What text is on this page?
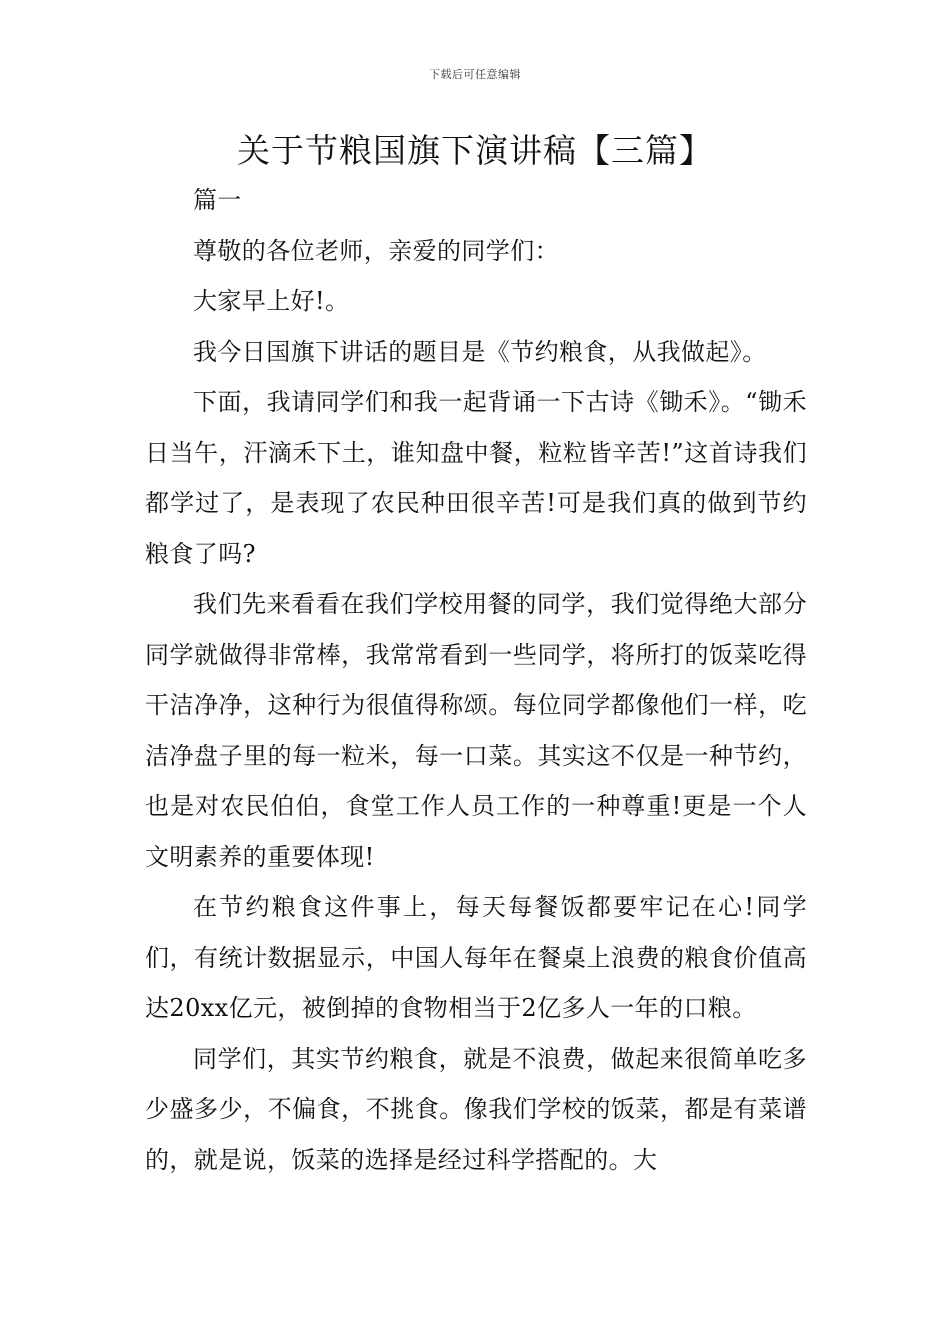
下载后可任意编辑
关于节粮国旗下演讲稿【三篇】

篇一

尊敬的各位老师，亲爱的同学们：

大家早上好!。

我今日国旗下讲话的题目是《节约粮食，从我做起》。

下面，我请同学们和我一起背诵一下古诗《锄禾》。“锄禾日当午，汗滴禾下土，谁知盘中餐，粒粒皆辛苦!”这首诗我们都学过了，是表现了农民种田很辛苦!可是我们真的做到节约粮食了吗?

我们先来看看在我们学校用餐的同学，我们觉得绝大部分同学就做得非常棒，我常常看到一些同学，将所打的饭菜吃得干洁净净，这种行为很值得称颂。每位同学都像他们一样，吃洁净盘子里的每一粒米，每一口菜。其实这不仅是一种节约，也是对农民伯伯，食堂工作人员工作的一种尊重!更是一个人文明素养的重要体现!

在节约粮食这件事上，每天每餐饭都要牢记在心!同学们，有统计数据显示，中国人每年在餐桌上浪费的粮食价值高达20xx亿元，被倒掉的食物相当于2亿多人一年的口粮。

同学们，其实节约粮食，就是不浪费，做起来很简单吃多少盛多少，不偏食，不挑食。像我们学校的饭菜，都是有菜谱的，就是说，饭菜的选择是经过科学搭配的。大
